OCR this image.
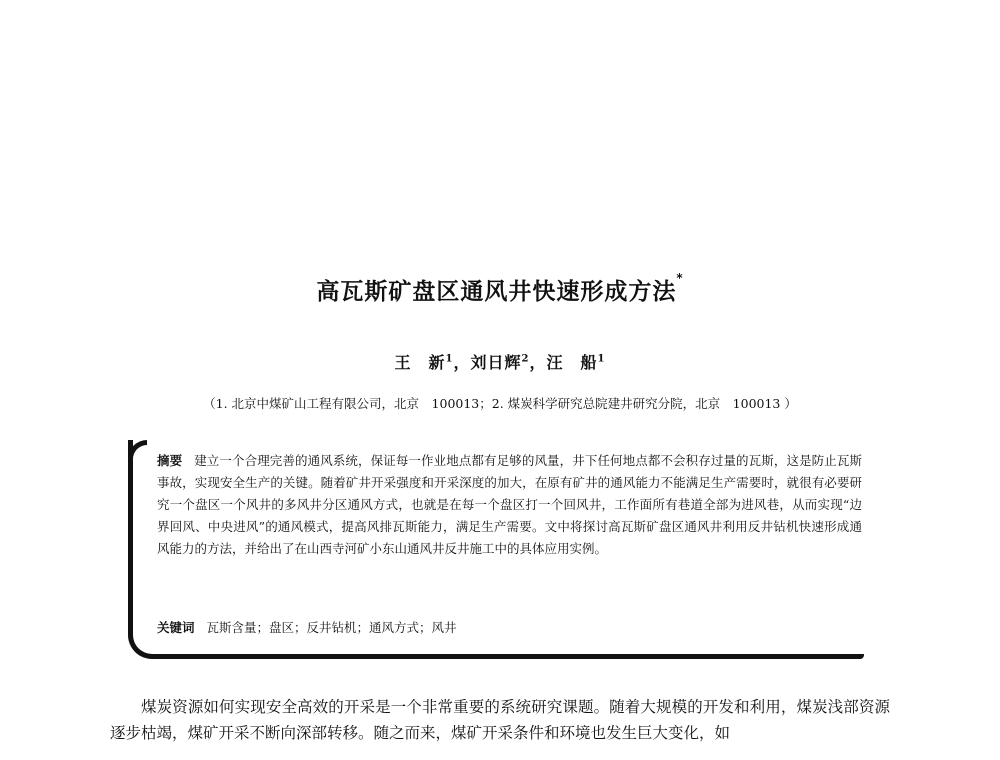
高瓦斯矿盘区通风井快速形成方法*
王　新$^1$，刘日辉$^2$，汪　船$^1$
（1. 北京中煤矿山工程有限公司，北京　100013；2. 煤炭科学研究总院建井研究分院，北京　100013 ）
摘要 建立一个合理完善的通风系统，保证每一作业地点都有足够的风量，井下任何地点都不会积存过量的瓦斯，这是防止瓦斯事故，实现安全生产的关键。随着矿井开采强度和开采深度的加大，在原有矿井的通风能力不能满足生产需要时，就很有必要研究一个盘区一个风井的多风井分区通风方式，也就是在每一个盘区打一个回风井，工作面所有巷道全部为进风巷，从而实现“边界回风、中央进风”的通风模式，提高风排瓦斯能力，满足生产需要。文中将探讨高瓦斯矿盘区通风井利用反井钻机快速形成通风能力的方法，并给出了在山西寺河矿小东山通风井反井施工中的具体应用实例。
关键词 瓦斯含量；盘区；反井钻机；通风方式；风井
煤炭资源如何实现安全高效的开采是一个非常重要的系统研究课题。随着大规模的开发和利用，煤炭浅部资源逐步枯竭，煤矿开采不断向深部转移。随之而来，煤矿开采条件和环境也发生巨大变化，如
